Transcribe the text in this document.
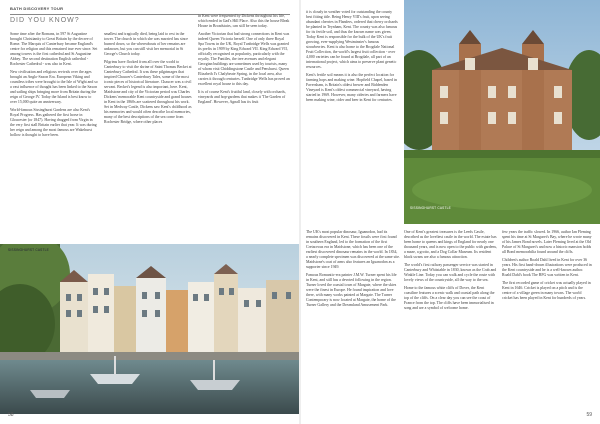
BATH DISCOVERY TOUR
DID YOU KNOW?

Some time after the Romans, in 597 St Augustine brought Christianity to Great Britain by the decree of Rome. The Marquis of Canterbury became England's centre for religion and this remained true ever since. Set among towers is the first cathedral and St Augustine Abbey. The second destination English cathedral - Rochester Cathedral - was also in Kent.

New civilisation and religious revivals over the ages brought an Anglo-Saxon Era. European Viking and countless tribes were brought to the Isle of Wight and so a vast influence of thought has been linked to the Saxon and sailing ships bringing more from Britain during the reign of George IV. Today the Island is best know to over 15,000 quite an anniversary.

World-famous Sissinghurst Gardens are also Kent's Royal Progress. Has gathered the first horse in Gloucester (or 1847). Having dragged from Virgin in the very first stall Britain earlier that year. It was during her reign and among the most famous are Wakehurst hollow is thought to have been.

smallest and tragically died, being laid to rest in the tower. The church in which she was married has since burned down, so the whereabouts of her remains are unknown, but you can still visit her memorial in St George's Church today.

Pilgrims have flocked from all over the world to Canterbury to visit the shrine of Saint Thomas Becket at Canterbury Cathedral. It was these pilgrimages that inspired Chaucer's Canterbury Tales, some of the most iconic pieces of historical literature. Chaucer was a civil servant. Becket's legend is also important, here. Kent, Maidstone and city of the Victorian period was Charles Dickens' memorable Kent countryside and grand houses in Kent in the 1860s are scattered throughout his work. Set in Medway Castle, Dickens saw Kent's childhood as his memories and would often describe local memories, many of the best descriptions of the sea come from Rochester Bridge, where other places

in Kent were frequented by Dickens throughout his life, which ended in Gad's Hill Place. Also this the house Bleak House in Broadstairs, can still be seen today.

Another Victorian that had strong connections in Kent was indeed Queen Victoria herself. One of only three Royal Spa Towns in the UK, Royal Tunbridge Wells was granted its prefix in 1909 by King Edward VII. King Edward VII, officially recognised as popularity, particularly with the royalty. The Pantiles, the tree avenues and elegant Georgian buildings are sometimes used by tourists, many of whom visit Chiddingstone Castle and Penshurst. Queen Elizabeth I's Chalybeate Spring, in the local area, also carries it through centuries. Tunbridge Wells has proved an excellent royal house to this day.

It is of course Kent's fruitful land, closely with orchards, vineyards and hop-gardens that makes it 'The Garden of England'. However, Agnall has its fruit

SISSINGHURST CASTLE
58

it is cloudy in weather voted for outstanding the county best fitting title. Being Henry VIII's fruit, upon seeing abundant cherries in Flanders, ordered that cherry orchards be planted in Teynham, Kent. The county was also famous for its fertile soil, and thus the known name was given. Today Kent is responsible for the bulk of the UK's fruit growing, ever-supplying Westminster's famous strawberries. Kent is also home to the Brogdale National Fruit Collection, the world's largest fruit collection - over 4,000 varieties can be found at Brogdale, all part of an international project, which aims to preserve plant genetic resources.

Kent's fertile soil means it is also the perfect location for farming hops and making wine. Hopfield Chapel, based in Faversham, is Britain's oldest brewer and Biddenden Vineyard is Kent's oldest commercial vineyard, having started in 1969. However, many cideries and farmers have been making wine, cider and beer in Kent for centuries.

SISSINGHURST CASTLE

The UK's most popular dinosaur, Iguanodon, had its remains discovered in Kent. These fossils were first found in southern England, led to the formation of the first Cretaceous era in Maidstone, which has been one of the earliest discovered dinosaur remains in the world. In 1834, a nearly complete specimen was discovered at the same site. Maidstone's coat of arms also features an Iguanodon as a supporter since 1949.

Famous Romantic-era painter J.M.W. Turner spent his life in Kent, and still has a devoted following in the region. Turner loved the coastal town of Margate, where the skies were the finest in Europe. He found inspiration and love there, with many works painted at Margate. The Turner Contemporary is now located at Margate, the home of the Turner Gallery and the Dreamland Amusement Park.

One of Kent's greatest treasures is the Leeds Castle, described as the loveliest castle in the world. The estate has been home to queens and kings of England for nearly one thousand years, and is now open to the public with gardens, a maze, a grotto, and a Dog Collar Museum. Its resident black swans are also a famous attraction.

The world's first railway passenger service was started in Canterbury and Whitstable in 1830, known as the Crab and Winkle Line. Today you can walk and cycle the route with lovely views of the countryside, all the way to the sea.

Home to the famous white cliffs of Dover, the Kent coastline features a scenic walk and coastal path along the top of the cliffs. On a clear day you can see the coast of France from the top. The cliffs have been immortalised in song and are a symbol of welcome home.

few years the traffic slowed. In 1966, author Ian Fleming spent his time at St Margaret's Bay, where he wrote many of his James Bond novels. Later Fleming lived at the Old Palace of St Margaret's and now a historic mansion holds all Bond memorabilia found around the cliffs.

Children's author Roald Dahl lived in Kent for over 36 years. His first hand-drawn illustrations were produced in the Kent countryside and he is a well-known author. Roald Dahl's book The BFG was written in Kent.

The first recorded game of cricket was actually played in Kent in 1646. Cricket is played on a pitch and is the centre of a village green in many towns. The world cricket has been played in Kent for hundreds of years.

59
